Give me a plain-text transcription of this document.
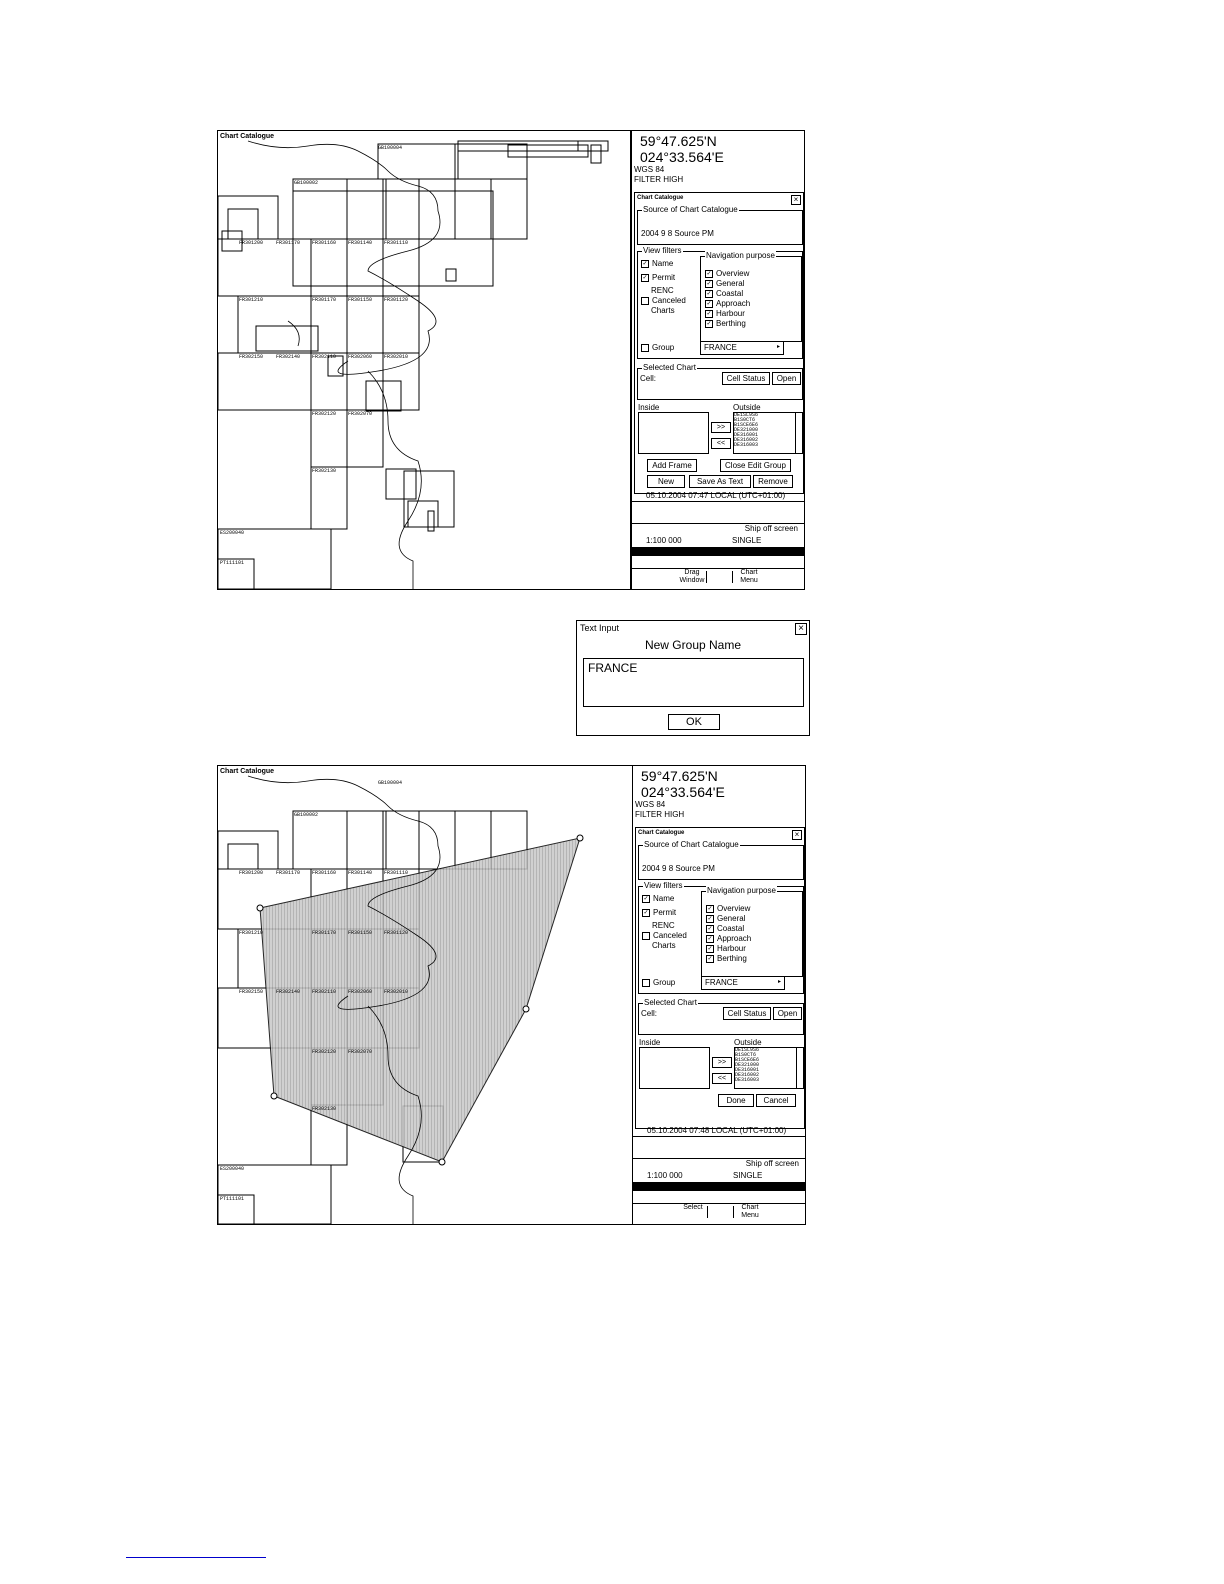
Chart Catalogue
FR301200	FR301170 FR301160 FR301140 FR301110
FR301210	FR301170 FR301150 FR301120
FR302150	FR302140 FR302110 FR302060 FR302010
FR302120 FR302070
FR302130
ES200040
PT111101
GB100004
GB100002
59°47.625'N
024°33.564'E
WGS 84
FILTER HIGH
Chart Catalogue	×
Source of Chart Catalogue
2004 9 8 Source PM
View filters
✓ Name
✓ Permit
RENC
Canceled
Charts
Navigation purpose
✓ Overview
✓ General
✓ Coastal
✓ Approach
✓ Harbour
✓ Berthing
Group	FRANCE	▸
Selected Chart
Cell:	Cell Status	Open
Inside	Outside
>>
<<
DE1SL9S6
B1S0CT6
B1SCE6E6
DE321000
DE316001
DE316002
DE316003
Add Frame	Close Edit Group
New	Save As Text	Remove
05.10.2004 07:47 LOCAL (UTC+01:00)
Ship off screen
1:100 000	SINGLE
Drag Window
Chart Menu
Text Input	×
New Group Name
FRANCE
OK
Chart Catalogue
FR301200	FR301170 FR301160 FR301140 FR301110
FR301210	FR301170 FR301150 FR301120
FR302150	FR302140 FR302110 FR302060 FR302010
FR302120 FR302070
FR302130
ES200040
PT111101
GB100004
GB100002
59°47.625'N
024°33.564'E
WGS 84
FILTER HIGH
Chart Catalogue	×
Source of Chart Catalogue
2004 9 8 Source PM
View filters
✓ Name
✓ Permit
RENC
Canceled
Charts
Navigation purpose
✓ Overview
✓ General
✓ Coastal
✓ Approach
✓ Harbour
✓ Berthing
Group	FRANCE	▸
Selected Chart
Cell:	Cell Status	Open
Inside	Outside
>>
<<
DE1SL9S6
B1S0CT6
B1SCE6E6
DE321000
DE316001
DE316002
DE316003
Done	Cancel
05.10.2004 07:48 LOCAL (UTC+01:00)
Ship off screen
1:100 000	SINGLE
Select	Chart Menu
